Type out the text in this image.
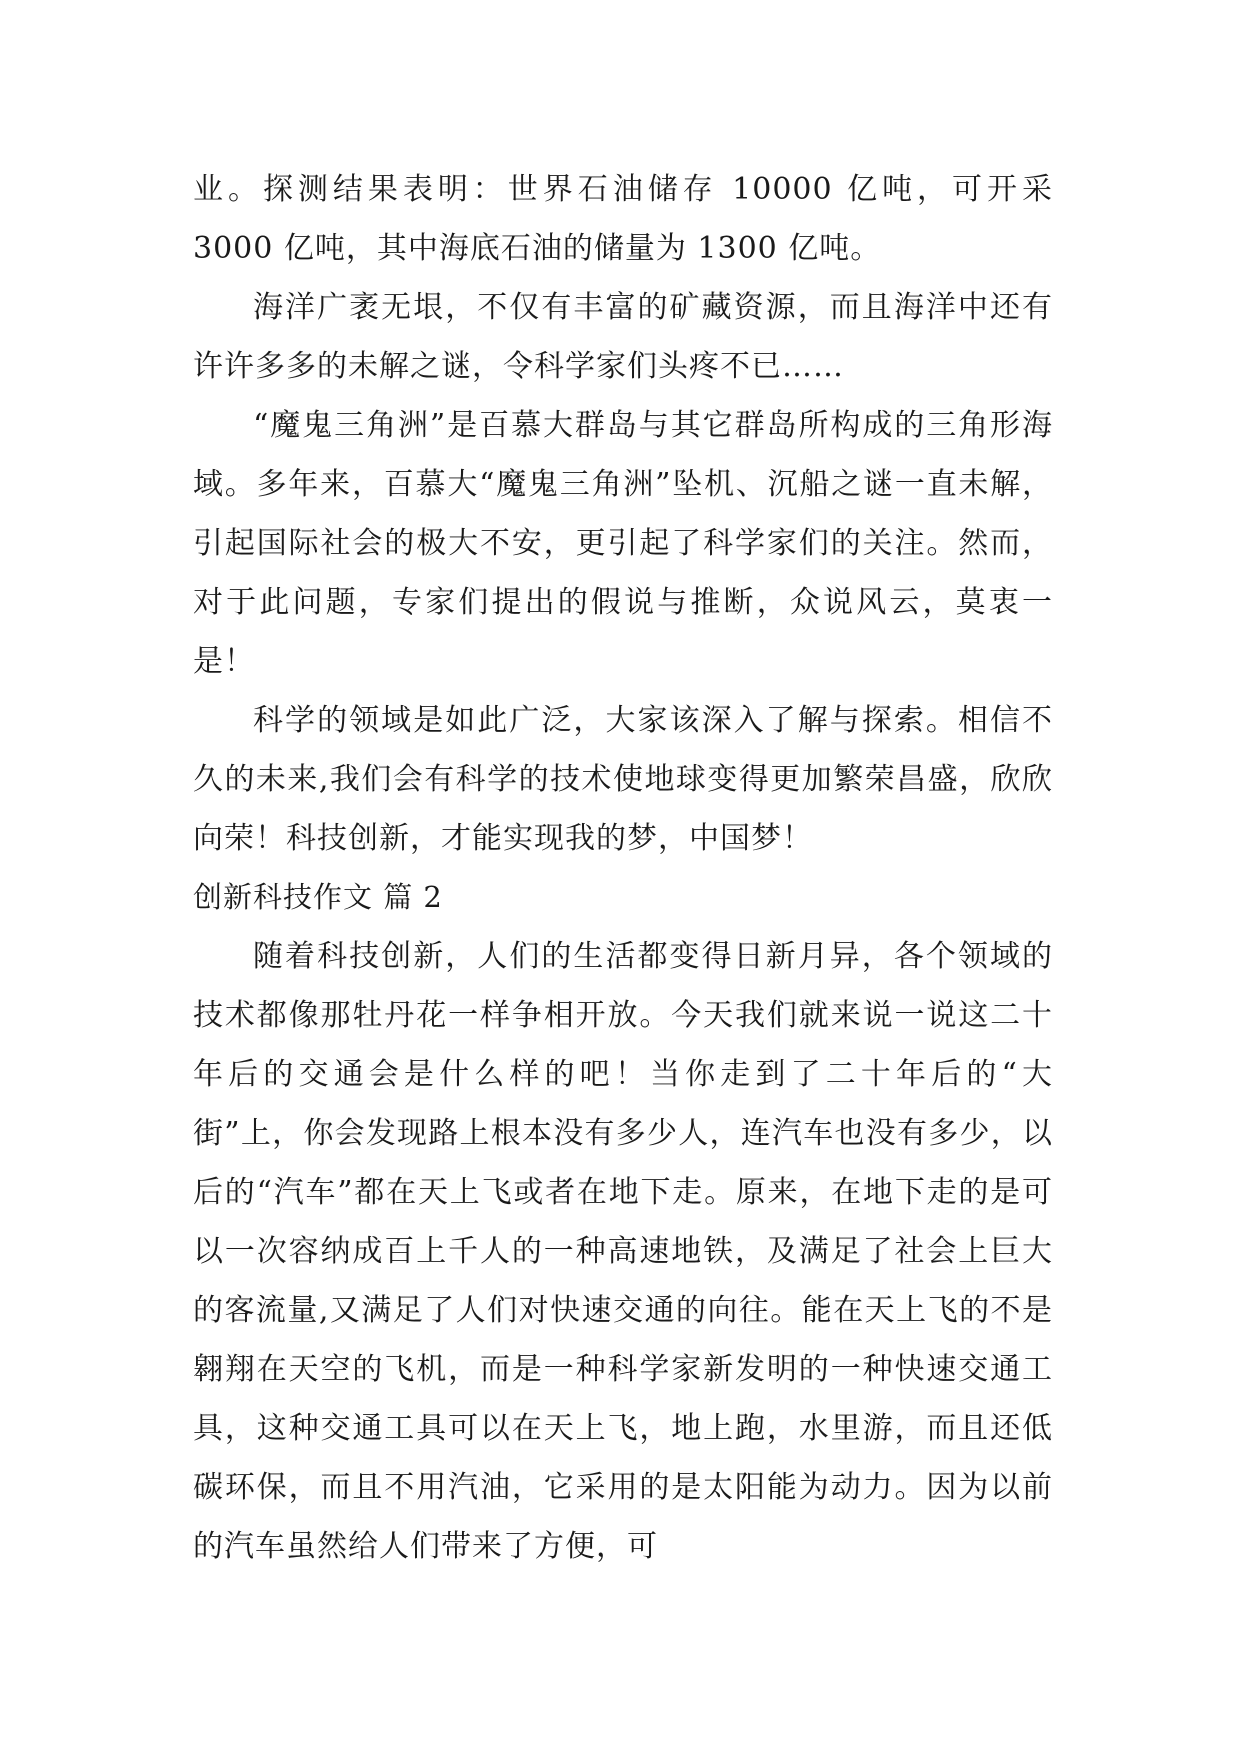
业。探测结果表明：世界石油储存 10000 亿吨，可开采 3000 亿吨，其中海底石油的储量为 1300 亿吨。

海洋广袤无垠，不仅有丰富的矿藏资源，而且海洋中还有许许多多的未解之谜，令科学家们头疼不已……

“魔鬼三角洲”是百慕大群岛与其它群岛所构成的三角形海域。多年来，百慕大“魔鬼三角洲”坠机、沉船之谜一直未解，引起国际社会的极大不安，更引起了科学家们的关注。然而，对于此问题，专家们提出的假说与推断，众说风云，莫衷一是！

科学的领域是如此广泛，大家该深入了解与探索。相信不久的未来,我们会有科学的技术使地球变得更加繁荣昌盛，欣欣向荣！科技创新，才能实现我的梦，中国梦！

创新科技作文 篇 2

随着科技创新，人们的生活都变得日新月异，各个领域的技术都像那牡丹花一样争相开放。今天我们就来说一说这二十年后的交通会是什么样的吧！当你走到了二十年后的“大街”上，你会发现路上根本没有多少人，连汽车也没有多少，以后的“汽车”都在天上飞或者在地下走。原来，在地下走的是可以一次容纳成百上千人的一种高速地铁，及满足了社会上巨大的客流量,又满足了人们对快速交通的向往。能在天上飞的不是翱翔在天空的飞机，而是一种科学家新发明的一种快速交通工具，这种交通工具可以在天上飞，地上跑，水里游，而且还低碳环保，而且不用汽油，它采用的是太阳能为动力。因为以前的汽车虽然给人们带来了方便，可
